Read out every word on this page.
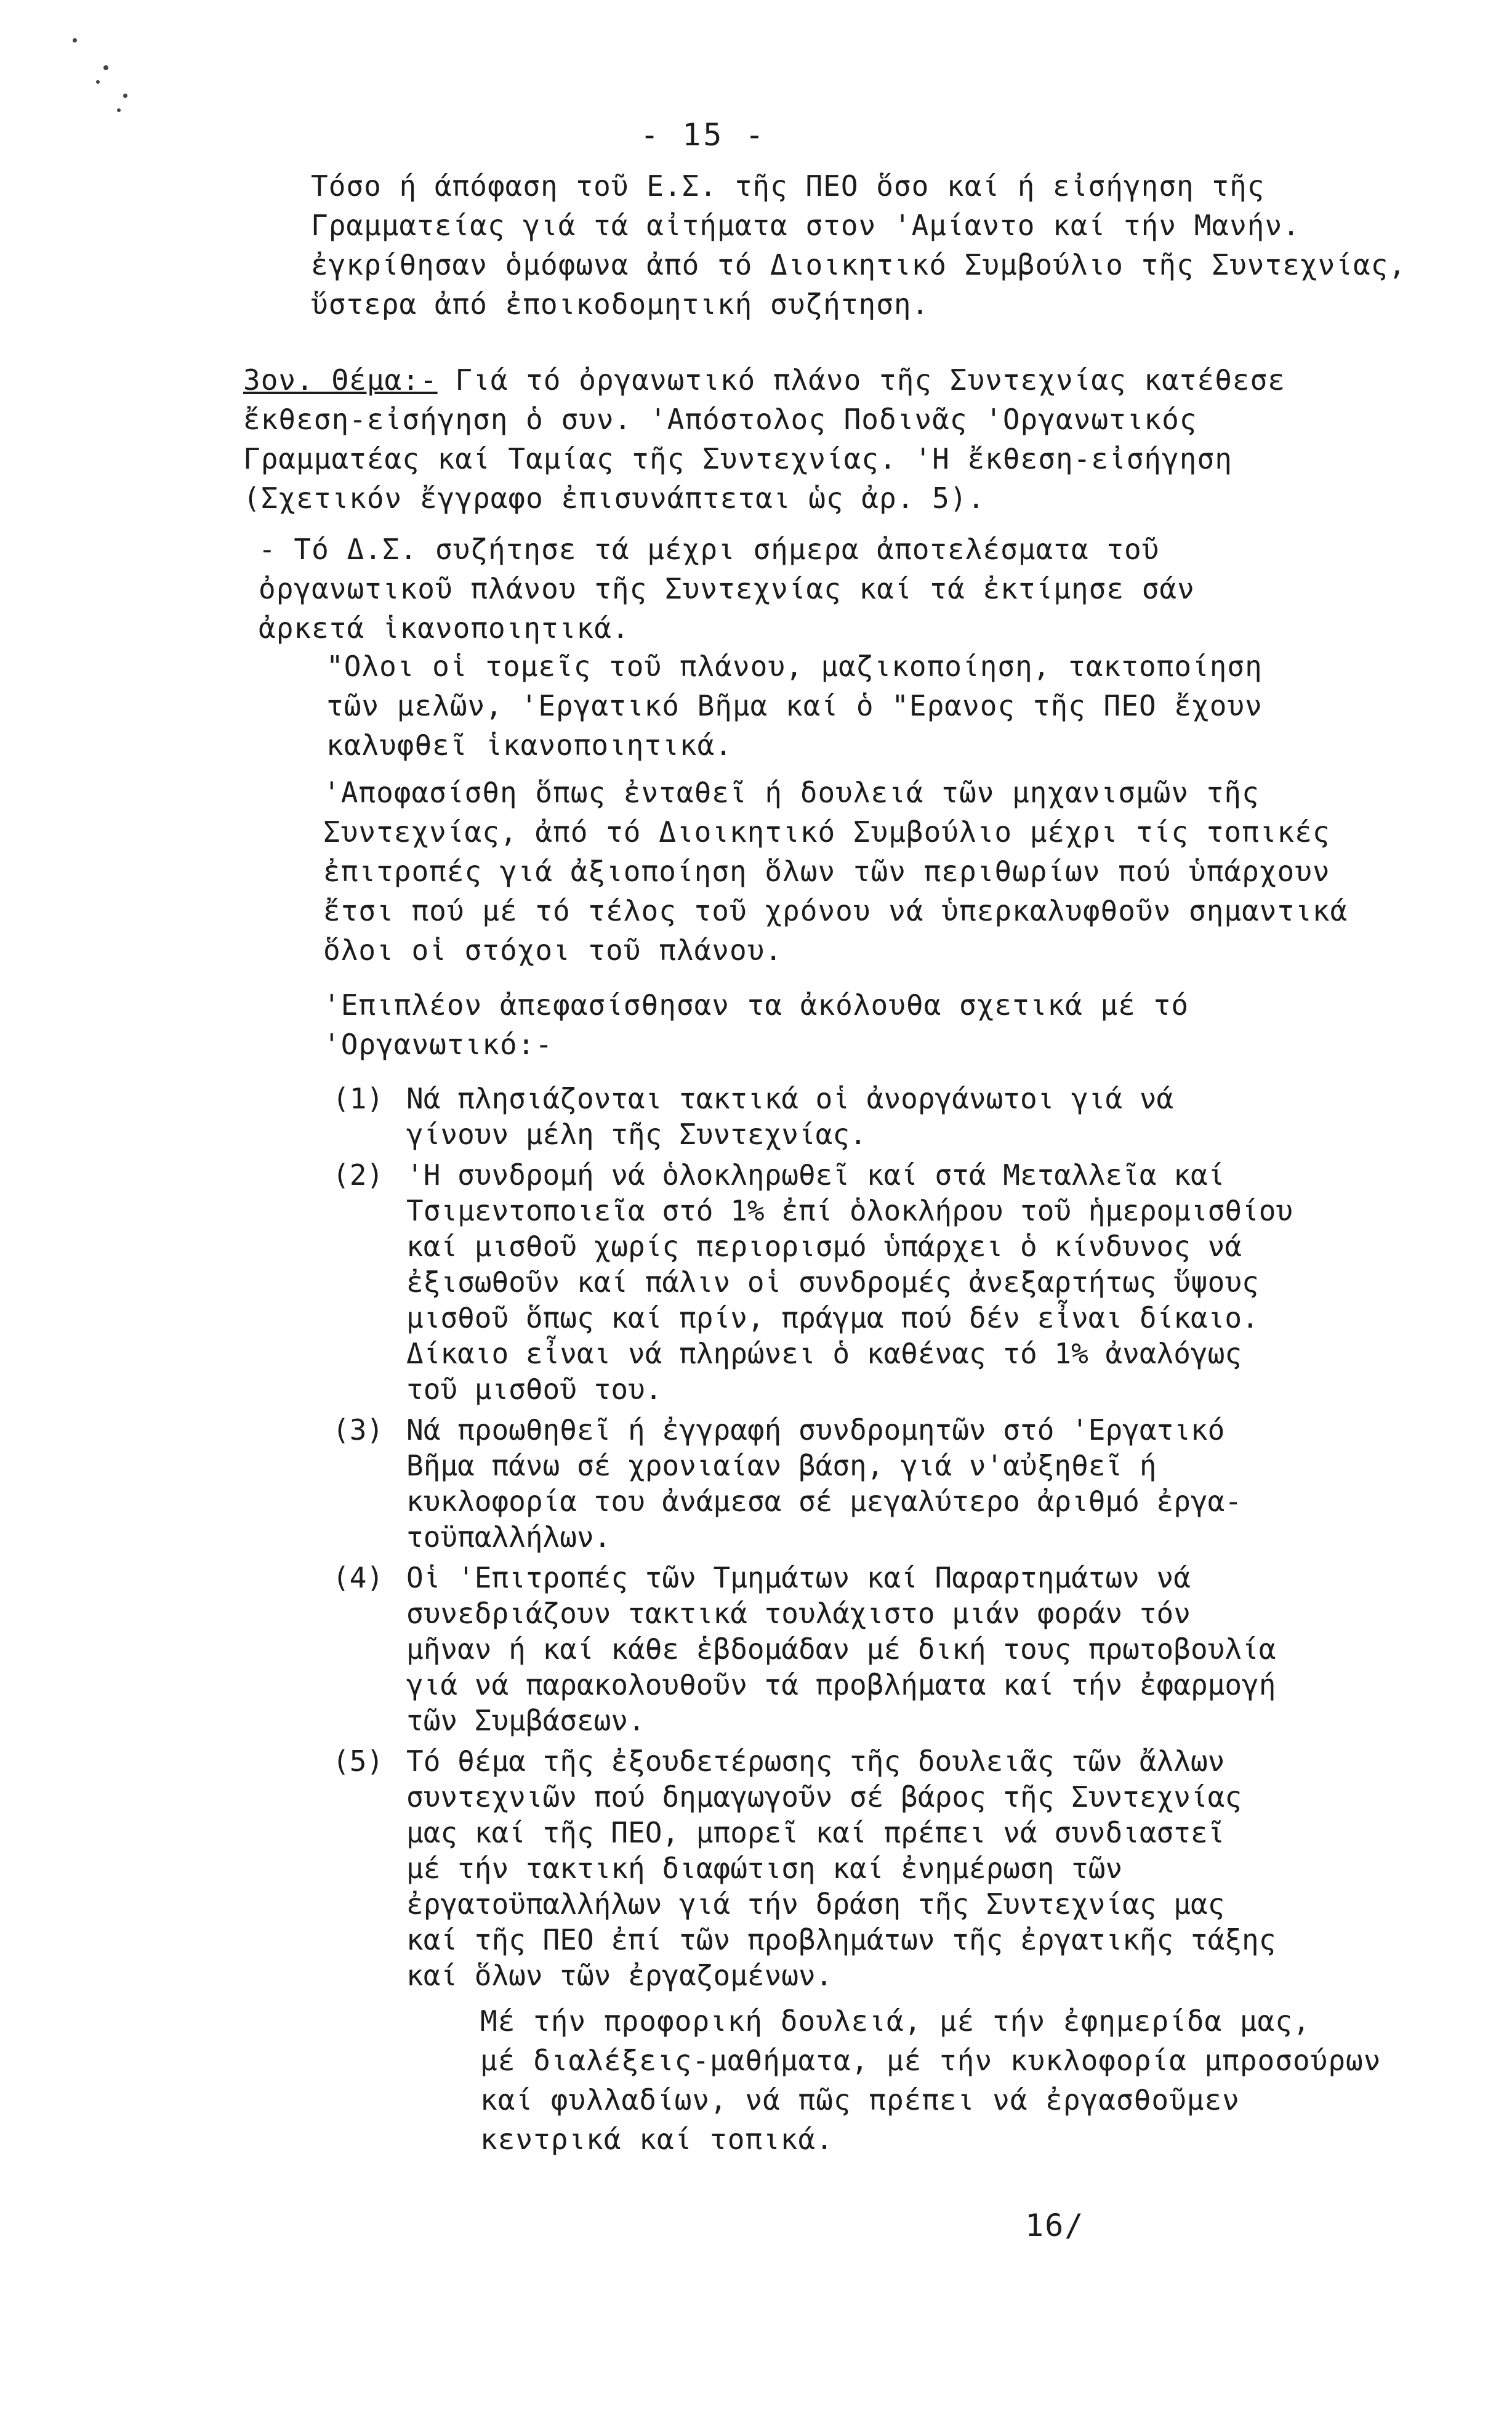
- 15 -
Τόσο ή άπόφαση τοῦ Ε.Σ. τῆς ΠΕΟ ὅσο καί ή εἰσήγηση τῆς
Γραμματείας γιά τά αἰτήματα στον 'Αμίαντο καί τήν Μανήν.
ἐγκρίθησαν ὁμόφωνα ἀπό τό Διοικητικό Συμβούλιο τῆς Συντεχνίας,
ὕστερα ἀπό ἐποικοδομητική συζήτηση.
3ον. Θέμα:- Γιά τό ὀργανωτικό πλάνο τῆς Συντεχνίας κατέθεσε
ἔκθεση-εἰσήγηση ὁ συν. 'Απόστολος Ποδινᾶς 'Οργανωτικός
Γραμματέας καί Ταμίας τῆς Συντεχνίας. 'Η ἔκθεση-εἰσήγηση
(Σχετικόν ἔγγραφο ἐπισυνάπτεται ὡς ἀρ. 5).
- Τό Δ.Σ. συζήτησε τά μέχρι σήμερα ἀποτελέσματα τοῦ
ὀργανωτικοῦ πλάνου τῆς Συντεχνίας καί τά ἐκτίμησε σάν
ἀρκετά ἱκανοποιητικά.
"Ολοι οἱ τομεῖς τοῦ πλάνου, μαζικοποίηση, τακτοποίηση
τῶν μελῶν, 'Εργατικό Βῆμα καί ὁ "Ερανος τῆς ΠΕΟ ἔχουν
καλυφθεῖ ἱκανοποιητικά.
'Αποφασίσθη ὅπως ἐνταθεῖ ή δουλειά τῶν μηχανισμῶν τῆς
Συντεχνίας, ἀπό τό Διοικητικό Συμβούλιο μέχρι τίς τοπικές
ἐπιτροπές γιά ἀξιοποίηση ὅλων τῶν περιθωρίων πού ὑπάρχουν
ἔτσι πού μέ τό τέλος τοῦ χρόνου νά ὑπερκαλυφθοῦν σημαντικά
ὅλοι οἱ στόχοι τοῦ πλάνου.
'Επιπλέον ἀπεφασίσθησαν τα ἀκόλουθα σχετικά μέ τό
'Οργανωτικό:-
(1) Νά πλησιάζονται τακτικά οἱ ἀνοργάνωτοι γιά νά
γίνουν μέλη τῆς Συντεχνίας.
(2) 'Η συνδρομή νά ὁλοκληρωθεῖ καί στά Μεταλλεῖα καί
Τσιμεντοποιεῖα στό 1% ἐπί ὁλοκλήρου τοῦ ἡμερομισθίου
καί μισθοῦ χωρίς περιορισμό ὑπάρχει ὁ κίνδυνος νά
ἐξισωθοῦν καί πάλιν οἱ συνδρομές ἀνεξαρτήτως ὕψους
μισθοῦ ὅπως καί πρίν, πράγμα πού δέν εἶναι δίκαιο.
Δίκαιο εἶναι νά πληρώνει ὁ καθένας τό 1% ἀναλόγως
τοῦ μισθοῦ του.
(3) Νά προωθηθεῖ ή ἐγγραφή συνδρομητῶν στό 'Εργατικό
Βῆμα πάνω σέ χρονιαίαν βάση, γιά ν'αὐξηθεῖ ή
κυκλοφορία του ἀνάμεσα σέ μεγαλύτερο ἀριθμό ἐργα-
τοϋπαλλήλων.
(4) Οἱ 'Επιτροπές τῶν Τμημάτων καί Παραρτημάτων νά
συνεδριάζουν τακτικά τουλάχιστο μιάν φοράν τόν
μῆναν ή καί κάθε ἑβδομάδαν μέ δική τους πρωτοβουλία
γιά νά παρακολουθοῦν τά προβλήματα καί τήν ἐφαρμογή
τῶν Συμβάσεων.
(5) Τό θέμα τῆς ἐξουδετέρωσης τῆς δουλειᾶς τῶν ἄλλων
συντεχνιῶν πού δημαγωγοῦν σέ βάρος τῆς Συντεχνίας
μας καί τῆς ΠΕΟ, μπορεῖ καί πρέπει νά συνδιαστεῖ
μέ τήν τακτική διαφώτιση καί ἐνημέρωση τῶν
ἐργατοϋπαλλήλων γιά τήν δράση τῆς Συντεχνίας μας
καί τῆς ΠΕΟ ἐπί τῶν προβλημάτων τῆς ἐργατικῆς τάξης
καί ὅλων τῶν ἐργαζομένων.
Μέ τήν προφορική δουλειά, μέ τήν ἐφημερίδα μας,
μέ διαλέξεις-μαθήματα, μέ τήν κυκλοφορία μπροσούρων
καί φυλλαδίων, νά πῶς πρέπει νά ἐργασθοῦμεν
κεντρικά καί τοπικά.
16/
